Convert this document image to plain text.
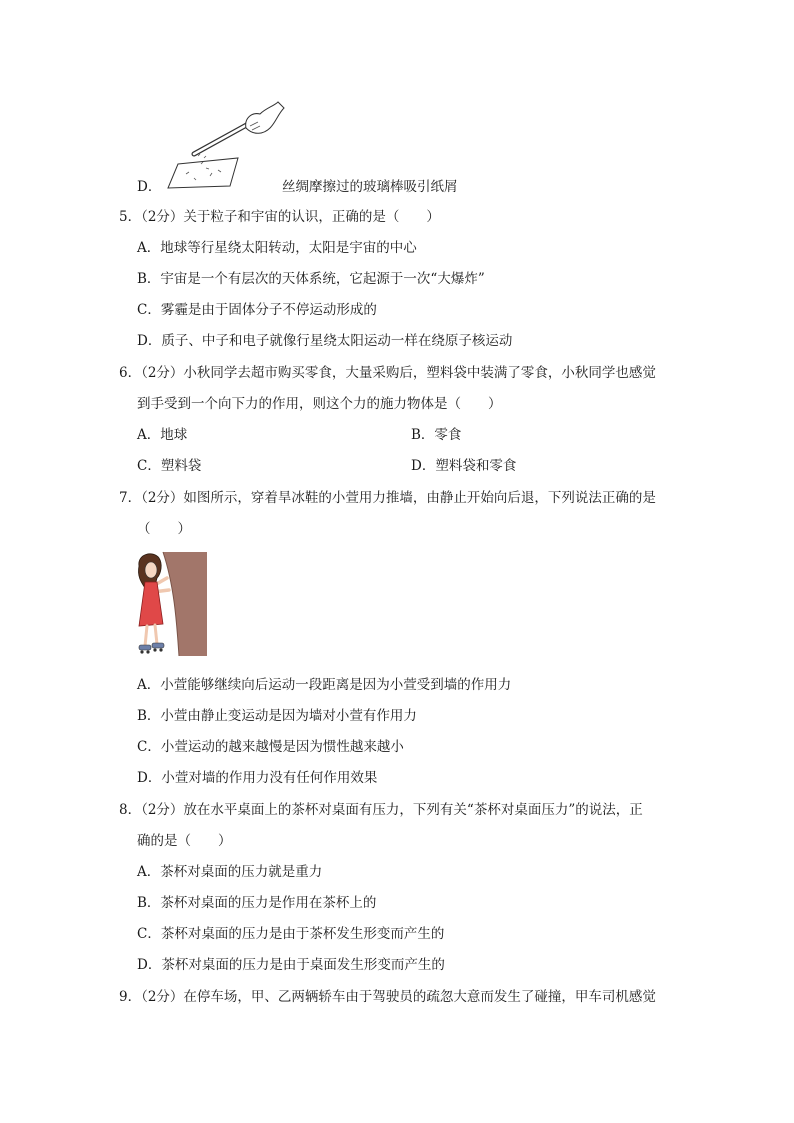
D．	丝绸摩擦过的玻璃棒吸引纸屑
5．（2分）关于粒子和宇宙的认识，正确的是（　　）
A．地球等行星绕太阳转动，太阳是宇宙的中心
B．宇宙是一个有层次的天体系统，它起源于一次“大爆炸”
C．雾霾是由于固体分子不停运动形成的
D．质子、中子和电子就像行星绕太阳运动一样在绕原子核运动
6．（2分）小秋同学去超市购买零食，大量采购后，塑料袋中装满了零食，小秋同学也感觉
到手受到一个向下力的作用，则这个力的施力物体是（　　）
A．地球	B．零食
C．塑料袋	D．塑料袋和零食
7．（2分）如图所示，穿着旱冰鞋的小萱用力推墙，由静止开始向后退，下列说法正确的是
（　　）
A．小萱能够继续向后运动一段距离是因为小萱受到墙的作用力
B．小萱由静止变运动是因为墙对小萱有作用力
C．小萱运动的越来越慢是因为惯性越来越小
D．小萱对墙的作用力没有任何作用效果
8．（2分）放在水平桌面上的茶杯对桌面有压力，下列有关“茶杯对桌面压力”的说法，正
确的是（　　）
A．茶杯对桌面的压力就是重力
B．茶杯对桌面的压力是作用在茶杯上的
C．茶杯对桌面的压力是由于茶杯发生形变而产生的
D．茶杯对桌面的压力是由于桌面发生形变而产生的
9．（2分）在停车场，甲、乙两辆轿车由于驾驶员的疏忽大意而发生了碰撞，甲车司机感觉
